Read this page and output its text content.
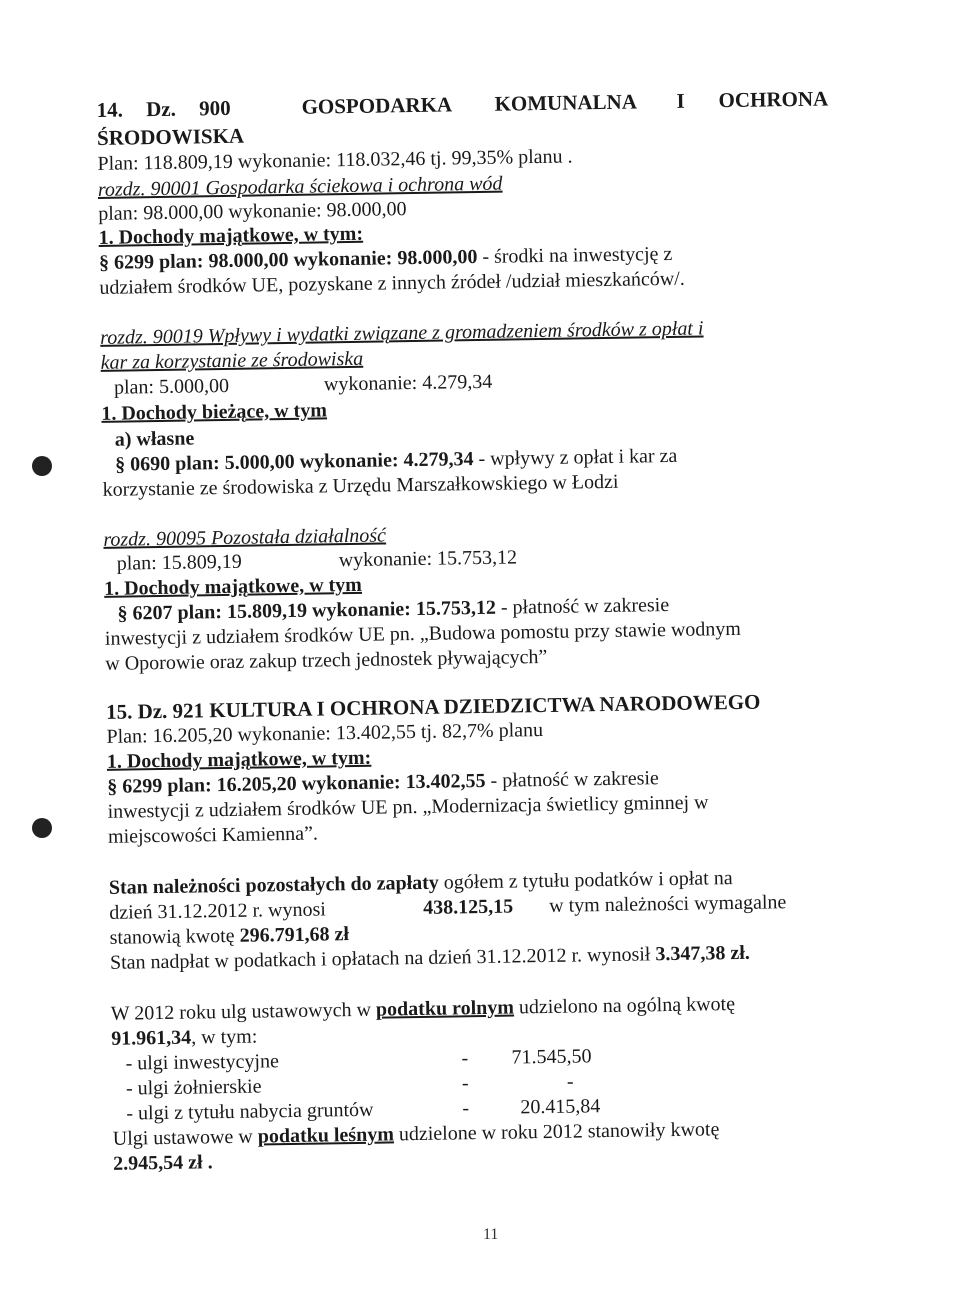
14. Dz. 900	GOSPODARKA KOMUNALNA I OCHRONA
ŚRODOWISKA
Plan: 118.809,19 wykonanie: 118.032,46 tj. 99,35% planu .
rozdz. 90001 Gospodarka ściekowa i ochrona wód
plan: 98.000,00 wykonanie: 98.000,00
1. Dochody majątkowe, w tym:
§ 6299 plan: 98.000,00 wykonanie: 98.000,00 - środki na inwestycję z
udziałem środków UE, pozyskane z innych źródeł /udział mieszkańców/.
rozdz. 90019 Wpływy i wydatki związane z gromadzeniem środków z opłat i
kar za korzystanie ze środowiska
plan: 5.000,00	wykonanie: 4.279,34
1. Dochody bieżące, w tym
a) własne
§ 0690 plan: 5.000,00 wykonanie: 4.279,34 - wpływy z opłat i kar za
korzystanie ze środowiska z Urzędu Marszałkowskiego w Łodzi
rozdz. 90095 Pozostała działalność
plan: 15.809,19	wykonanie: 15.753,12
1. Dochody majątkowe, w tym
§ 6207 plan: 15.809,19 wykonanie: 15.753,12 - płatność w zakresie
inwestycji z udziałem środków UE pn. „Budowa pomostu przy stawie wodnym
w Oporowie oraz zakup trzech jednostek pływających”
15. Dz. 921 KULTURA I OCHRONA DZIEDZICTWA NARODOWEGO
Plan: 16.205,20 wykonanie: 13.402,55 tj. 82,7% planu
1. Dochody majątkowe, w tym:
§ 6299 plan: 16.205,20 wykonanie: 13.402,55 - płatność w zakresie
inwestycji z udziałem środków UE pn. „Modernizacja świetlicy gminnej w
miejscowości Kamienna”.
Stan należności pozostałych do zapłaty ogółem z tytułu podatków i opłat na
dzień 31.12.2012 r. wynosi	438.125,15 w tym należności wymagalne
stanowią kwotę 296.791,68 zł
Stan nadpłat w podatkach i opłatach na dzień 31.12.2012 r. wynosił 3.347,38 zł.
W 2012 roku ulg ustawowych w podatku rolnym udzielono na ogólną kwotę
91.961,34, w tym:
- ulgi inwestycyjne	- 71.545,50
- ulgi żołnierskie	-	-
- ulgi z tytułu nabycia gruntów	-	20.415,84
Ulgi ustawowe w podatku leśnym udzielone w roku 2012 stanowiły kwotę
2.945,54 zł .
11
